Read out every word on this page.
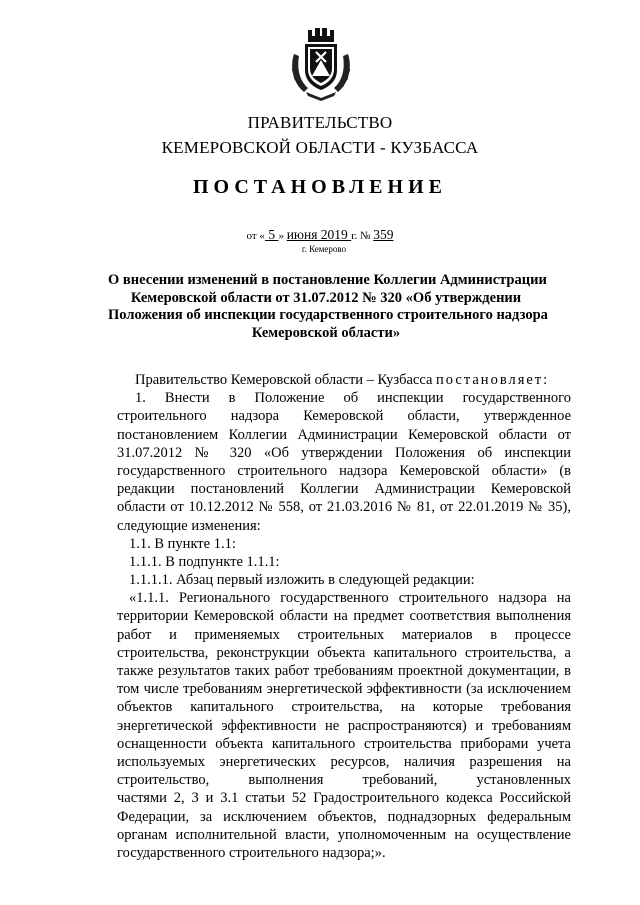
ПРАВИТЕЛЬСТВО
КЕМЕРОВСКОЙ ОБЛАСТИ - КУЗБАССА
ПОСТАНОВЛЕНИЕ
от « 5 » июня 2019 г. № 359
г. Кемерово
О внесении изменений в постановление Коллегии Администрации
Кемеровской области от 31.07.2012 № 320 «Об утверждении
Положения об инспекции государственного строительного надзора
Кемеровской области»
Правительство Кемеровской области – Кузбасса постановляет:
1. Внести в Положение об инспекции государственного
строительного надзора Кемеровской области, утвержденное
постановлением Коллегии Администрации Кемеровской области от
31.07.2012 № 320 «Об утверждении Положения об инспекции
государственного строительного надзора Кемеровской области» (в
редакции постановлений Коллегии Администрации Кемеровской
области от 10.12.2012 № 558, от 21.03.2016 № 81, от 22.01.2019 № 35),
следующие изменения:
1.1. В пункте 1.1:
1.1.1. В подпункте 1.1.1:
1.1.1.1. Абзац первый изложить в следующей редакции:
«1.1.1. Регионального государственного строительного надзора на
территории Кемеровской области на предмет соответствия выполнения
работ и применяемых строительных материалов в процессе
строительства, реконструкции объекта капитального строительства, а
также результатов таких работ требованиям проектной документации, в
том числе требованиям энергетической эффективности (за исключением
объектов капитального строительства, на которые требования
энергетической эффективности не распространяются) и требованиям
оснащенности объекта капитального строительства приборами учета
используемых энергетических ресурсов, наличия разрешения на
строительство, выполнения требований, установленных
частями 2, 3 и 3.1 статьи 52 Градостроительного кодекса Российской
Федерации, за исключением объектов, поднадзорных федеральным
органам исполнительной власти, уполномоченным на осуществление
государственного строительного надзора;».
